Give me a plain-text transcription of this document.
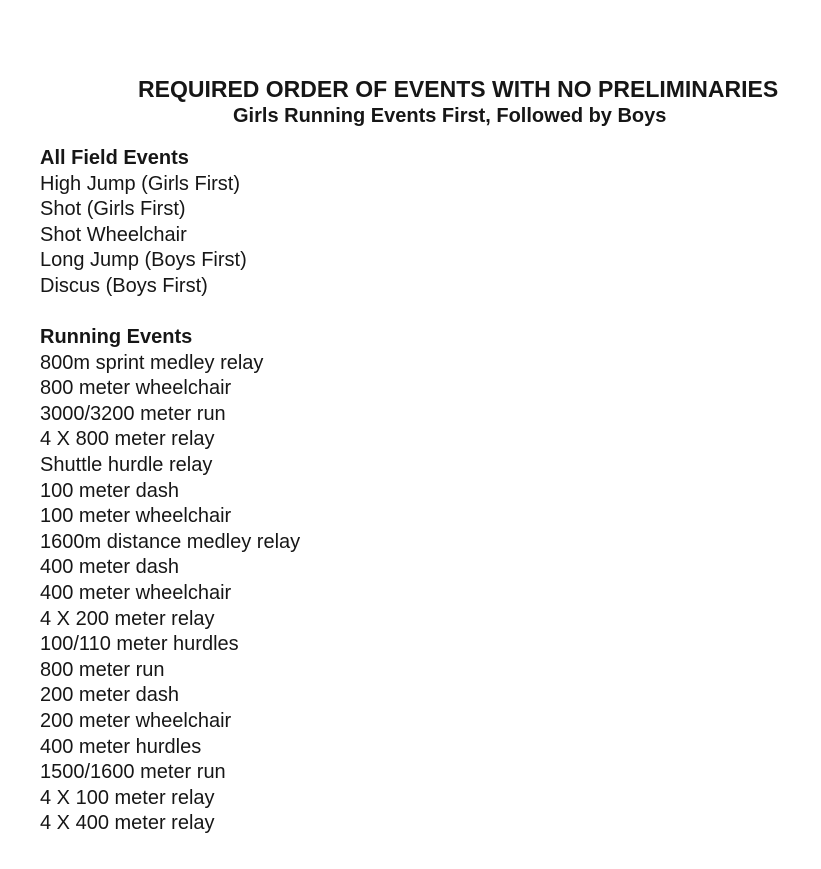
REQUIRED ORDER OF EVENTS WITH NO PRELIMINARIES
Girls Running Events First, Followed by Boys
All Field Events
High Jump (Girls First)
Shot (Girls First)
Shot Wheelchair
Long Jump (Boys First)
Discus (Boys First)
Running Events
800m sprint medley relay
800 meter wheelchair
3000/3200 meter run
4 X 800 meter relay
Shuttle hurdle relay
100 meter dash
100 meter wheelchair
1600m distance medley relay
400 meter dash
400 meter wheelchair
4 X 200 meter relay
100/110 meter hurdles
800 meter run
200 meter dash
200 meter wheelchair
400 meter hurdles
1500/1600 meter run
4 X 100 meter relay
4 X 400 meter relay
